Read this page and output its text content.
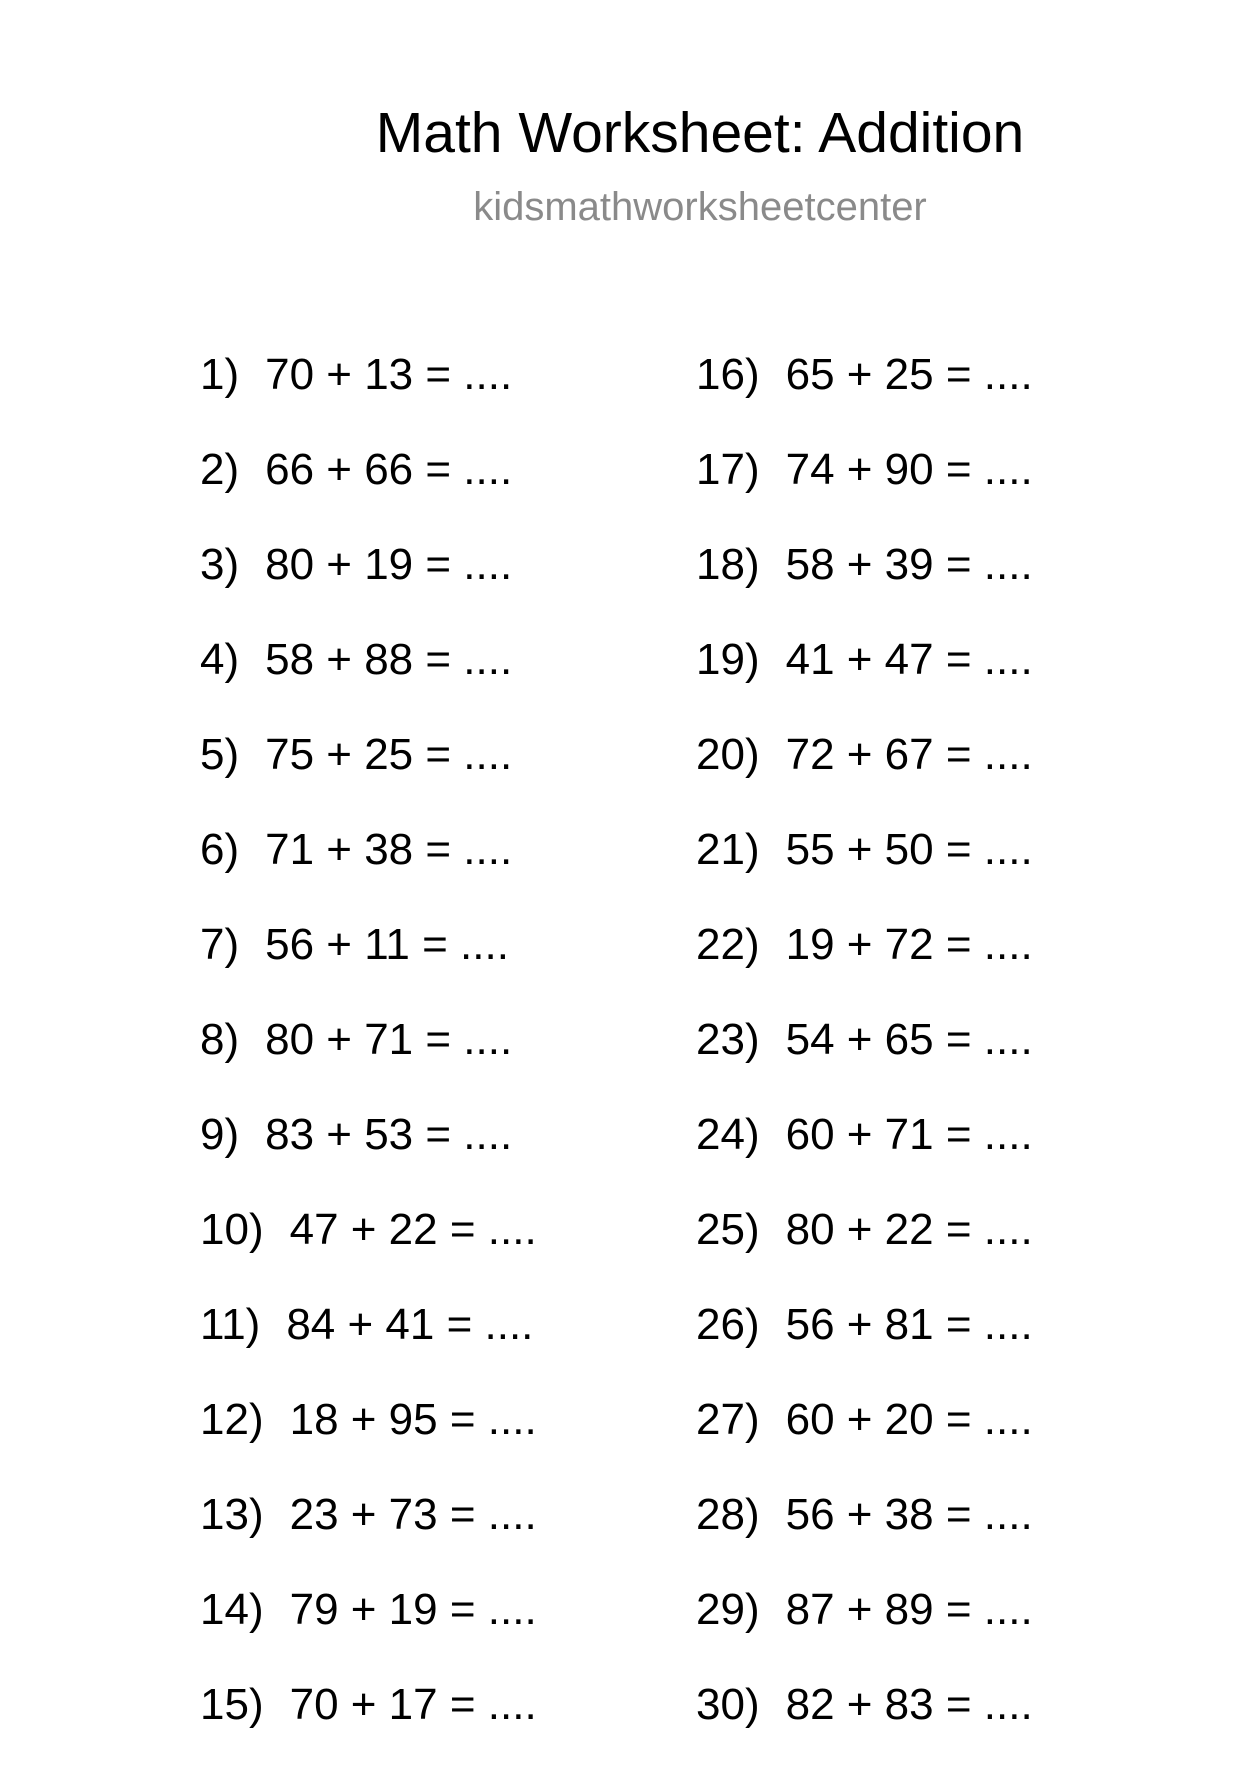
Math Worksheet: Addition
kidsmathworksheetcenter
1) 70 + 13 = ....
2) 66 + 66 = ....
3) 80 + 19 = ....
4) 58 + 88 = ....
5) 75 + 25 = ....
6) 71 + 38 = ....
7) 56 + 11 = ....
8) 80 + 71 = ....
9) 83 + 53 = ....
10) 47 + 22 = ....
11) 84 + 41 = ....
12) 18 + 95 = ....
13) 23 + 73 = ....
14) 79 + 19 = ....
15) 70 + 17 = ....
16) 65 + 25 = ....
17) 74 + 90 = ....
18) 58 + 39 = ....
19) 41 + 47 = ....
20) 72 + 67 = ....
21) 55 + 50 = ....
22) 19 + 72 = ....
23) 54 + 65 = ....
24) 60 + 71 = ....
25) 80 + 22 = ....
26) 56 + 81 = ....
27) 60 + 20 = ....
28) 56 + 38 = ....
29) 87 + 89 = ....
30) 82 + 83 = ....
